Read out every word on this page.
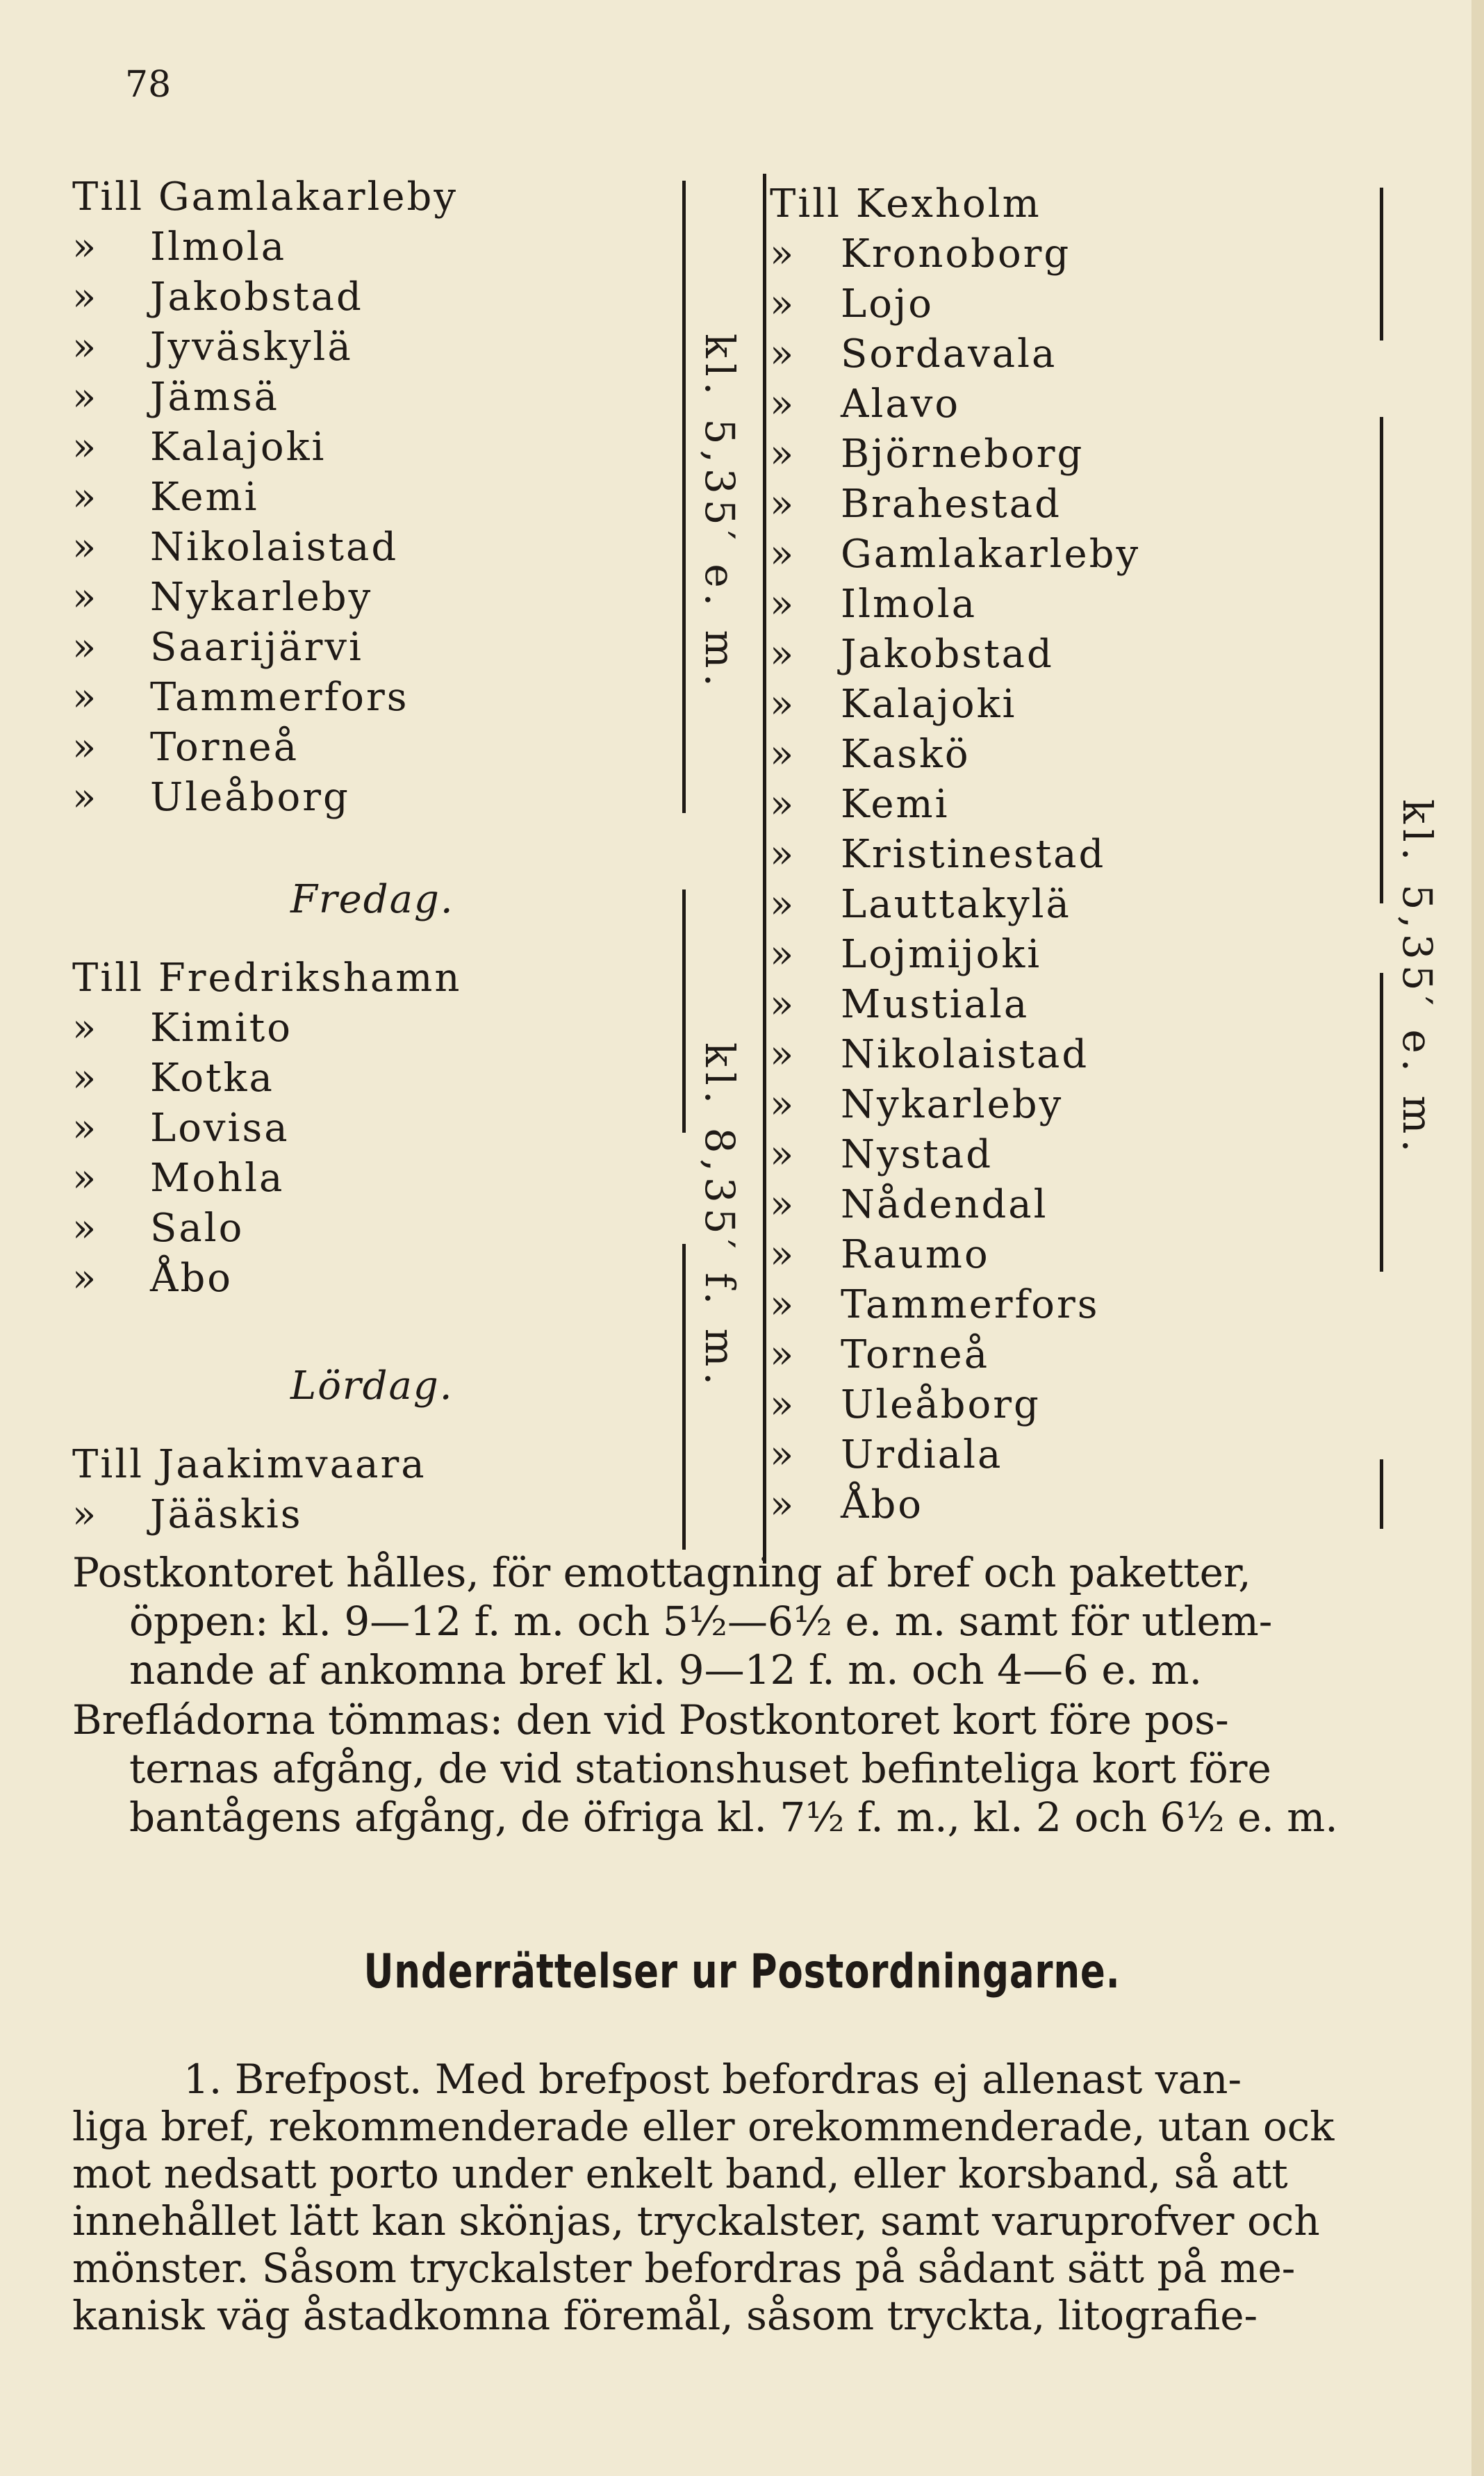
78
Till Gamlakarleby
» Ilmola
» Jakobstad
» Jyväskylä
» Jämsä
» Kalajoki
» Kemi
» Nikolaistad
» Nykarleby
» Saarijärvi
» Tammerfors
» Torneå
» Uleåborg
Fredag.
Till Fredrikshamn
» Kimito
» Kotka
» Lovisa
» Mohla
» Salo
» Åbo
Lördag.
Till Jaakimvaara
» Jääskis
kl. 5,35′ e. m.
kl. 8,35′ f. m.
Till Kexholm
» Kronoborg
» Lojo
» Sordavala
» Alavo
» Björneborg
» Brahestad
» Gamlakarleby
» Ilmola
» Jakobstad
» Kalajoki
» Kaskö
» Kemi
» Kristinestad
» Lauttakylä
» Lojmijoki
» Mustiala
» Nikolaistad
» Nykarleby
» Nystad
» Nådendal
» Raumo
» Tammerfors
» Torneå
» Uleåborg
» Urdiala
» Åbo
kl. 5,35′ e. m.
Postkontoret hålles, för emottagning af bref och paketter,
öppen: kl. 9—12 f. m. och 5½—6½ e. m. samt för utlem-
nande af ankomna bref kl. 9—12 f. m. och 4—6 e. m.
Brefládorna tömmas: den vid Postkontoret kort före pos-
ternas afgång, de vid stationshuset befinteliga kort före
bantågens afgång, de öfriga kl. 7½ f. m., kl. 2 och 6½ e. m.
Underrättelser ur Postordningarne.
1. Brefpost. Med brefpost befordras ej allenast van-
liga bref, rekommenderade eller orekommenderade, utan ock
mot nedsatt porto under enkelt band, eller korsband, så att
innehållet lätt kan skönjas, tryckalster, samt varuprofver och
mönster. Såsom tryckalster befordras på sådant sätt på me-
kanisk väg åstadkomna föremål, såsom tryckta, litografie-
